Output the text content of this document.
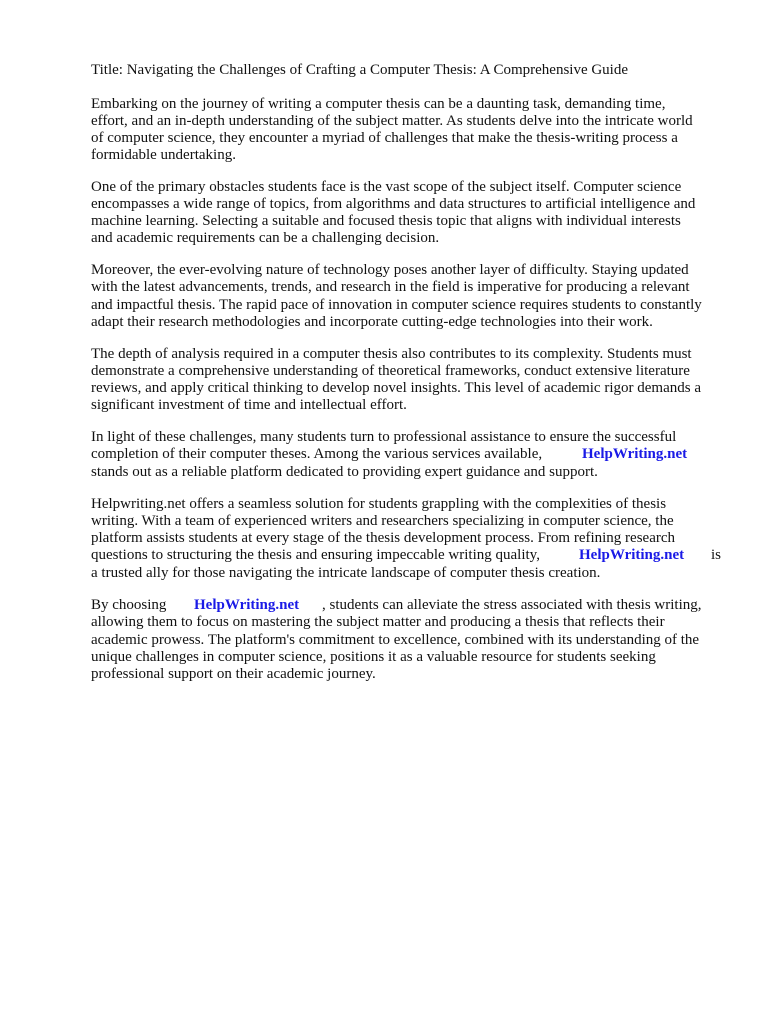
Title: Navigating the Challenges of Crafting a Computer Thesis: A Comprehensive Guide
Embarking on the journey of writing a computer thesis can be a daunting task, demanding time,
effort, and an in-depth understanding of the subject matter. As students delve into the intricate world
of computer science, they encounter a myriad of challenges that make the thesis-writing process a
formidable undertaking.
One of the primary obstacles students face is the vast scope of the subject itself. Computer science
encompasses a wide range of topics, from algorithms and data structures to artificial intelligence and
machine learning. Selecting a suitable and focused thesis topic that aligns with individual interests
and academic requirements can be a challenging decision.
Moreover, the ever-evolving nature of technology poses another layer of difficulty. Staying updated
with the latest advancements, trends, and research in the field is imperative for producing a relevant
and impactful thesis. The rapid pace of innovation in computer science requires students to constantly
adapt their research methodologies and incorporate cutting-edge technologies into their work.
The depth of analysis required in a computer thesis also contributes to its complexity. Students must
demonstrate a comprehensive understanding of theoretical frameworks, conduct extensive literature
reviews, and apply critical thinking to develop novel insights. This level of academic rigor demands a
significant investment of time and intellectual effort.
In light of these challenges, many students turn to professional assistance to ensure the successful
completion of their computer theses. Among the various services available,	HelpWriting.net
stands out as a reliable platform dedicated to providing expert guidance and support.
Helpwriting.net offers a seamless solution for students grappling with the complexities of thesis
writing. With a team of experienced writers and researchers specializing in computer science, the
platform assists students at every stage of the thesis development process. From refining research
questions to structuring the thesis and ensuring impeccable writing quality,	HelpWriting.net is
a trusted ally for those navigating the intricate landscape of computer thesis creation.
By choosing HelpWriting.net , students can alleviate the stress associated with thesis writing,
allowing them to focus on mastering the subject matter and producing a thesis that reflects their
academic prowess. The platform's commitment to excellence, combined with its understanding of the
unique challenges in computer science, positions it as a valuable resource for students seeking
professional support on their academic journey.
